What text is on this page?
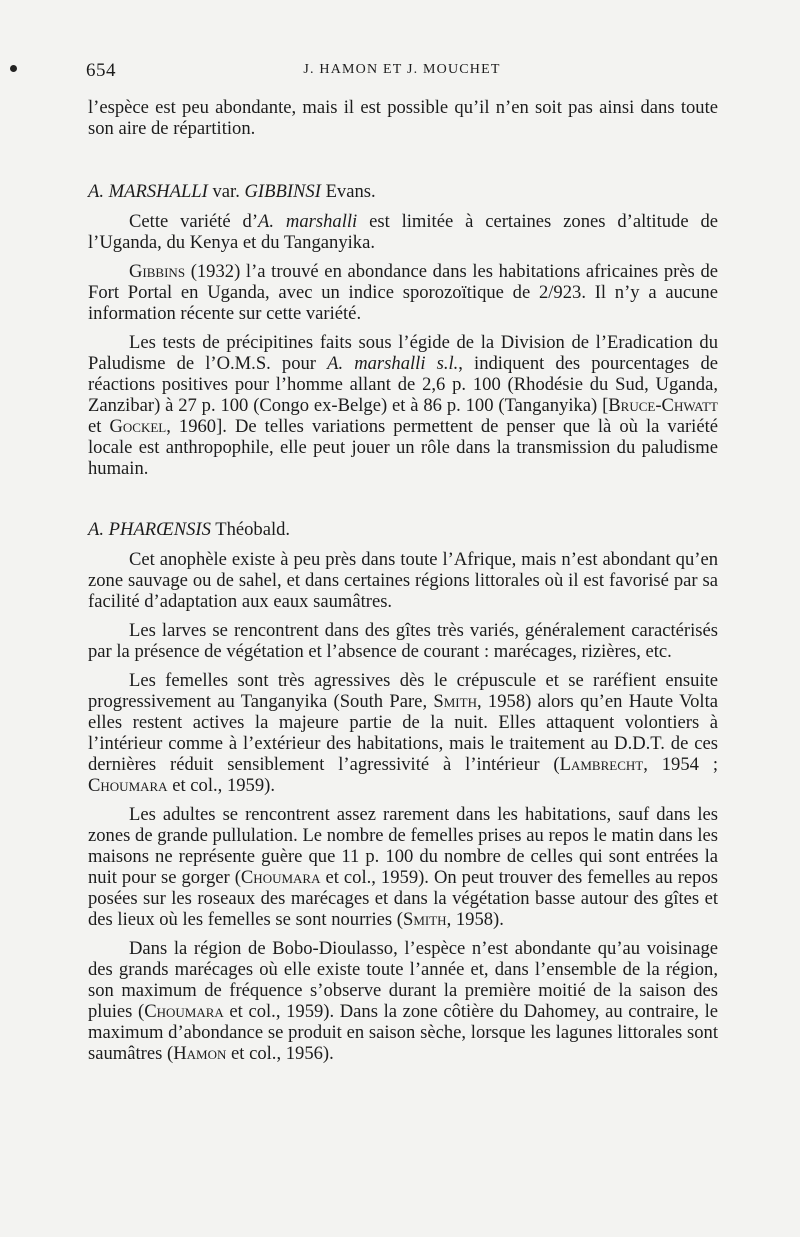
654	J. HAMON ET J. MOUCHET

l’espèce est peu abondante, mais il est possible qu’il n’en soit pas ainsi dans toute son aire de répartition.

A. MARSHALLI var. GIBBINSI Evans.

Cette variété d’A. marshalli est limitée à certaines zones d’altitude de l’Uganda, du Kenya et du Tanganyika.

Gibbins (1932) l’a trouvé en abondance dans les habitations africaines près de Fort Portal en Uganda, avec un indice sporozoïtique de 2/923. Il n’y a aucune information récente sur cette variété.

Les tests de précipitines faits sous l’égide de la Division de l’Eradication du Paludisme de l’O.M.S. pour A. marshalli s.l., indiquent des pourcentages de réactions positives pour l’homme allant de 2,6 p. 100 (Rhodésie du Sud, Uganda, Zanzibar) à 27 p. 100 (Congo ex-Belge) et à 86 p. 100 (Tanganyika) [Bruce-Chwatt et Gockel, 1960]. De telles variations permettent de penser que là où la variété locale est anthropophile, elle peut jouer un rôle dans la transmission du paludisme humain.

A. PHARŒNSIS Théobald.

Cet anophèle existe à peu près dans toute l’Afrique, mais n’est abondant qu’en zone sauvage ou de sahel, et dans certaines régions littorales où il est favorisé par sa facilité d’adaptation aux eaux saumâtres.

Les larves se rencontrent dans des gîtes très variés, généralement caractérisés par la présence de végétation et l’absence de courant : marécages, rizières, etc.

Les femelles sont très agressives dès le crépuscule et se raréfient ensuite progressivement au Tanganyika (South Pare, Smith, 1958) alors qu’en Haute Volta elles restent actives la majeure partie de la nuit. Elles attaquent volontiers à l’intérieur comme à l’extérieur des habitations, mais le traitement au D.D.T. de ces dernières réduit sensiblement l’agressivité à l’intérieur (Lambrecht, 1954 ; Choumara et col., 1959).

Les adultes se rencontrent assez rarement dans les habitations, sauf dans les zones de grande pullulation. Le nombre de femelles prises au repos le matin dans les maisons ne représente guère que 11 p. 100 du nombre de celles qui sont entrées la nuit pour se gorger (Choumara et col., 1959). On peut trouver des femelles au repos posées sur les roseaux des marécages et dans la végétation basse autour des gîtes et des lieux où les femelles se sont nourries (Smith, 1958).

Dans la région de Bobo-Dioulasso, l’espèce n’est abondante qu’au voisinage des grands marécages où elle existe toute l’année et, dans l’ensemble de la région, son maximum de fréquence s’observe durant la première moitié de la saison des pluies (Choumara et col., 1959). Dans la zone côtière du Dahomey, au contraire, le maximum d’abondance se produit en saison sèche, lorsque les lagunes littorales sont saumâtres (Hamon et col., 1956).
